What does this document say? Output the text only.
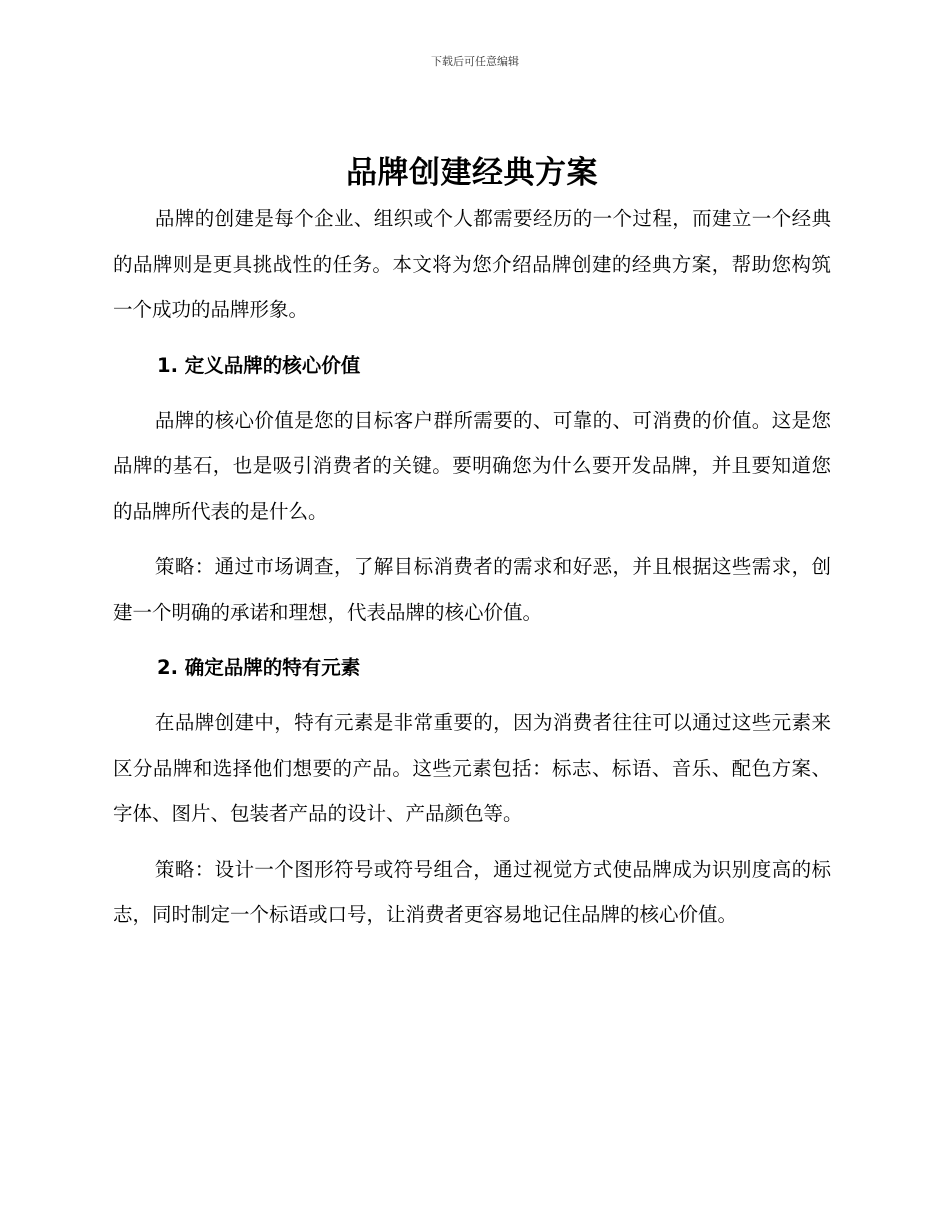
下载后可任意编辑
品牌创建经典方案

品牌的创建是每个企业、组织或个人都需要经历的一个过程，而建立一个经典的品牌则是更具挑战性的任务。本文将为您介绍品牌创建的经典方案，帮助您构筑一个成功的品牌形象。

1. 定义品牌的核心价值

品牌的核心价值是您的目标客户群所需要的、可靠的、可消费的价值。这是您品牌的基石，也是吸引消费者的关键。要明确您为什么要开发品牌，并且要知道您的品牌所代表的是什么。

策略：通过市场调查，了解目标消费者的需求和好恶，并且根据这些需求，创建一个明确的承诺和理想，代表品牌的核心价值。

2. 确定品牌的特有元素

在品牌创建中，特有元素是非常重要的，因为消费者往往可以通过这些元素来区分品牌和选择他们想要的产品。这些元素包括：标志、标语、音乐、配色方案、字体、图片、包装者产品的设计、产品颜色等。

策略：设计一个图形符号或符号组合，通过视觉方式使品牌成为识别度高的标志，同时制定一个标语或口号，让消费者更容易地记住品牌的核心价值。
